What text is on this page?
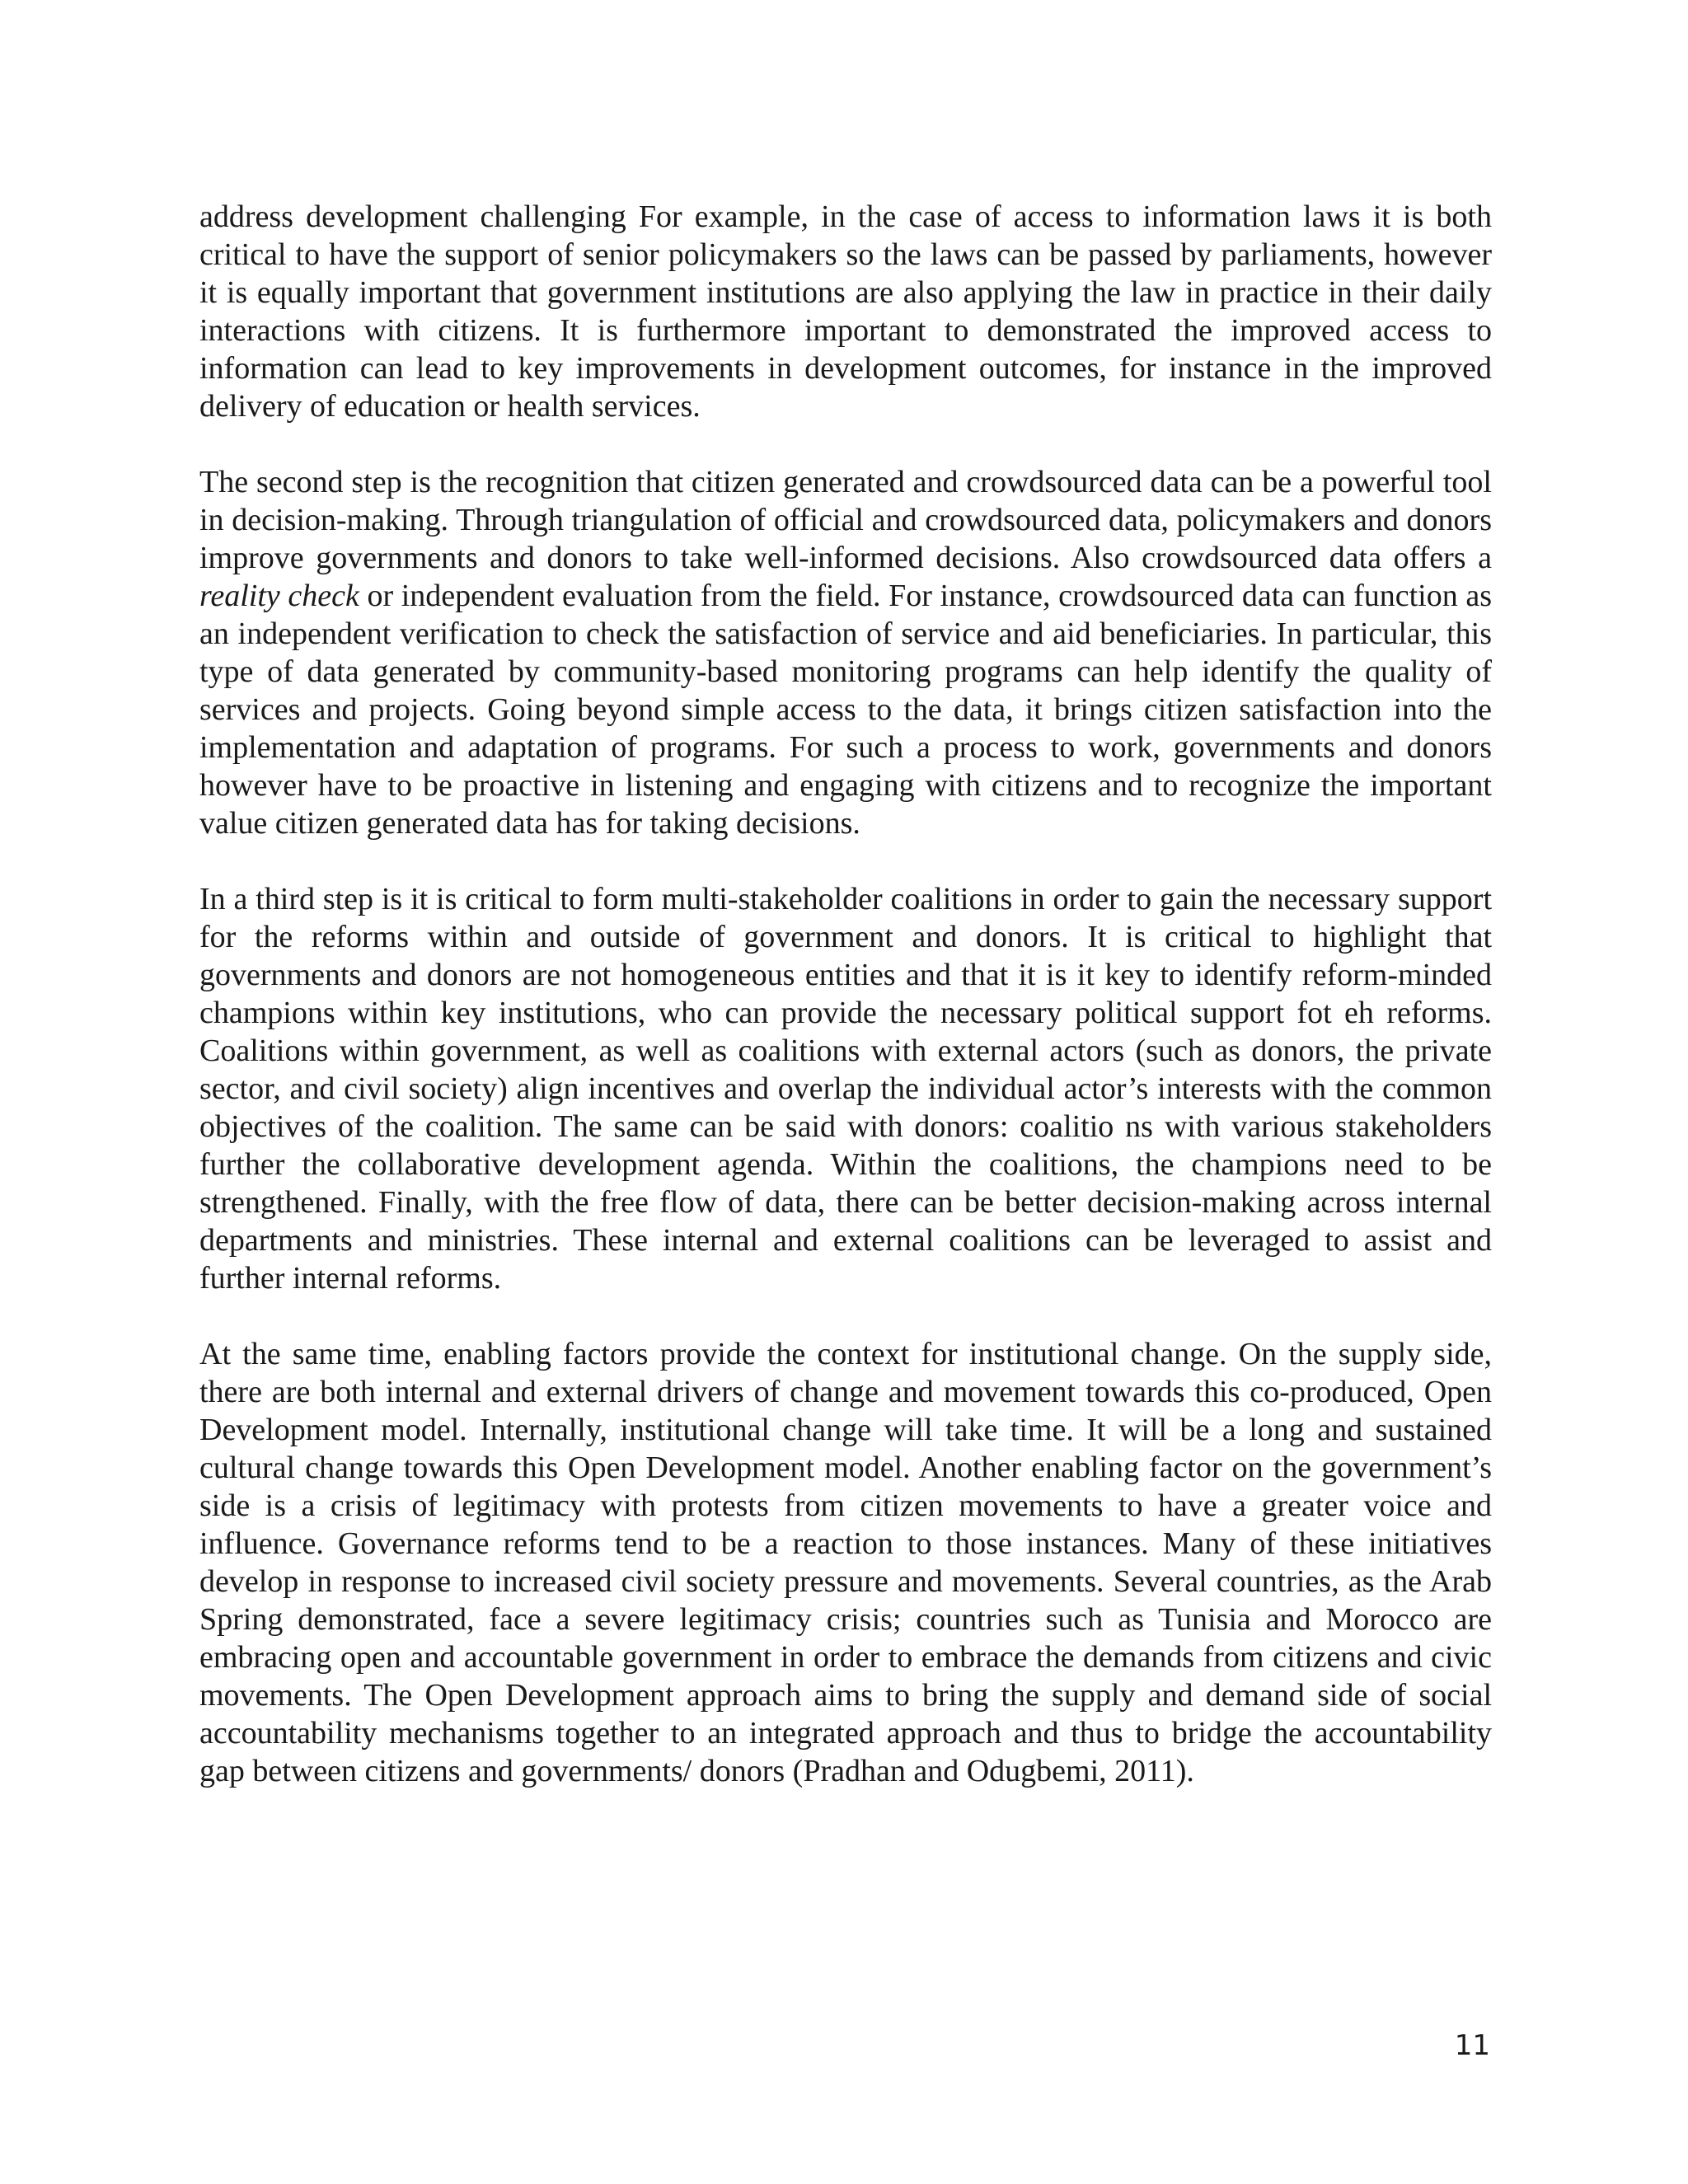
address development challenging For example, in the case of access to information laws it is both critical to have the support of senior policymakers so the laws can be passed by parliaments, however it is equally important that government institutions are also applying the law in practice in their daily interactions with citizens. It is furthermore important to demonstrated the improved access to information can lead to key improvements in development outcomes, for instance in the improved delivery of education or health services.

The second step is the recognition that citizen generated and crowdsourced data can be a powerful tool in decision-making. Through triangulation of official and crowdsourced data, policymakers and donors improve governments and donors to take well-informed decisions. Also crowdsourced data offers a reality check or independent evaluation from the field. For instance, crowdsourced data can function as an independent verification to check the satisfaction of service and aid beneficiaries. In particular, this type of data generated by community-based monitoring programs can help identify the quality of services and projects. Going beyond simple access to the data, it brings citizen satisfaction into the implementation and adaptation of programs. For such a process to work, governments and donors however have to be proactive in listening and engaging with citizens and to recognize the important value citizen generated data has for taking decisions.

In a third step is it is critical to form multi-stakeholder coalitions in order to gain the necessary support for the reforms within and outside of government and donors. It is critical to highlight that governments and donors are not homogeneous entities and that it is it key to identify reform-minded champions within key institutions, who can provide the necessary political support fot eh reforms. Coalitions within government, as well as coalitions with external actors (such as donors, the private sector, and civil society) align incentives and overlap the individual actor’s interests with the common objectives of the coalition. The same can be said with donors: coalitio ns with various stakeholders further the collaborative development agenda. Within the coalitions, the champions need to be strengthened. Finally, with the free flow of data, there can be better decision-making across internal departments and ministries. These internal and external coalitions can be leveraged to assist and further internal reforms.

At the same time, enabling factors provide the context for institutional change. On the supply side, there are both internal and external drivers of change and movement towards this co-produced, Open Development model. Internally, institutional change will take time. It will be a long and sustained cultural change towards this Open Development model. Another enabling factor on the government’s side is a crisis of legitimacy with protests from citizen movements to have a greater voice and influence. Governance reforms tend to be a reaction to those instances. Many of these initiatives develop in response to increased civil society pressure and movements. Several countries, as the Arab Spring demonstrated, face a severe legitimacy crisis; countries such as Tunisia and Morocco are embracing open and accountable government in order to embrace the demands from citizens and civic movements. The Open Development approach aims to bring the supply and demand side of social accountability mechanisms together to an integrated approach and thus to bridge the accountability gap between citizens and governments/ donors (Pradhan and Odugbemi, 2011).

11
